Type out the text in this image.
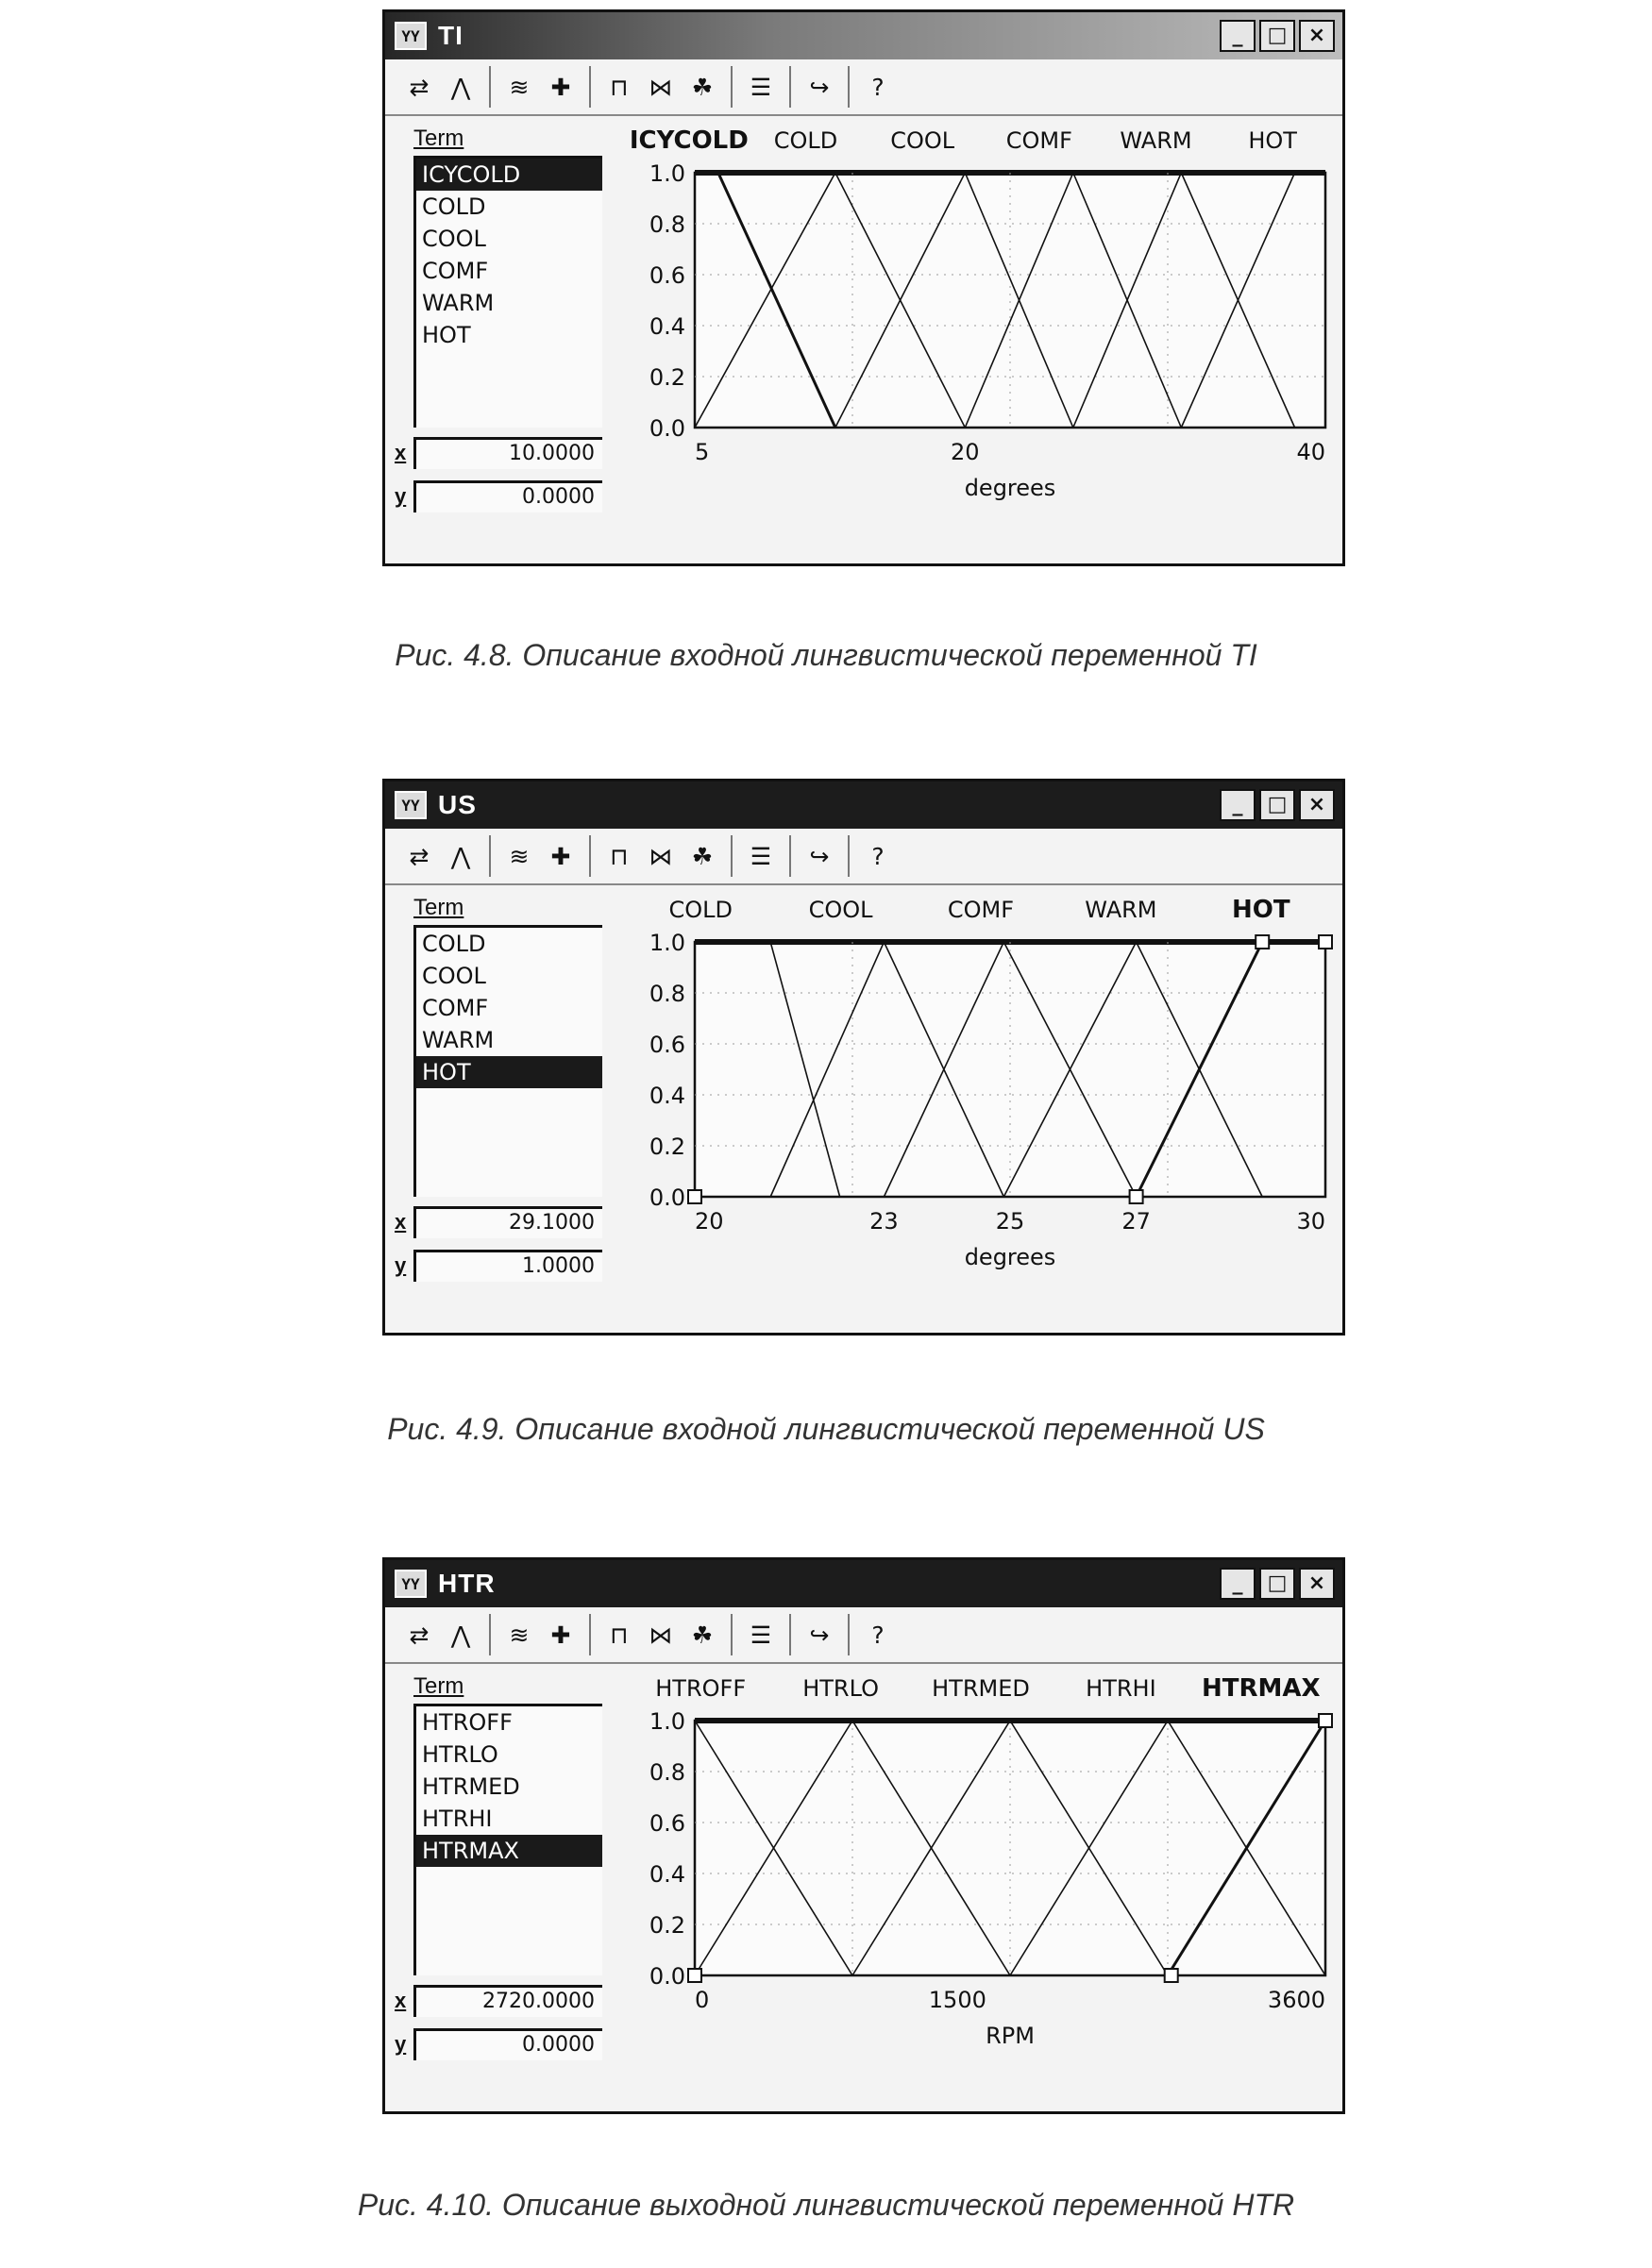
ΥΥ TI	_	□	×
⇄ ⋀	≋ ✚	⊓ ⋈ ☘	☰	↪	?
Term
ICYCOLD
COLD
COOL
COMF
WARM
HOT
x	10.0000
y	0.0000
ICYCOLD COLD COOL COMF WARM HOT
0.0
0.2
0.4
0.6
0.8
1.0
5	20	40
degrees
Рис. 4.8. Описание входной лингвистической переменной TI
ΥΥ US	_	□	×
⇄ ⋀	≋ ✚	⊓ ⋈ ☘	☰	↪	?
Term
COLD
COOL
COMF
WARM
HOT
x	29.1000
y	1.0000
COLD	COOL	COMF	WARM	HOT
0.0
0.2
0.4
0.6
0.8
1.0
20	23	25	27	30
degrees
Рис. 4.9. Описание входной лингвистической переменной US
ΥΥ HTR	_	□	×
⇄ ⋀	≋ ✚	⊓ ⋈ ☘	☰	↪	?
Term
HTROFF
HTRLO
HTRMED
HTRHI
HTRMAX
x	2720.0000
y	0.0000
HTROFF	HTRLO HTRMED HTRHI HTRMAX
0.0
0.2
0.4
0.6
0.8
1.0
0	1500	3600
RPM
Рис. 4.10. Описание выходной лингвистической переменной HTR
